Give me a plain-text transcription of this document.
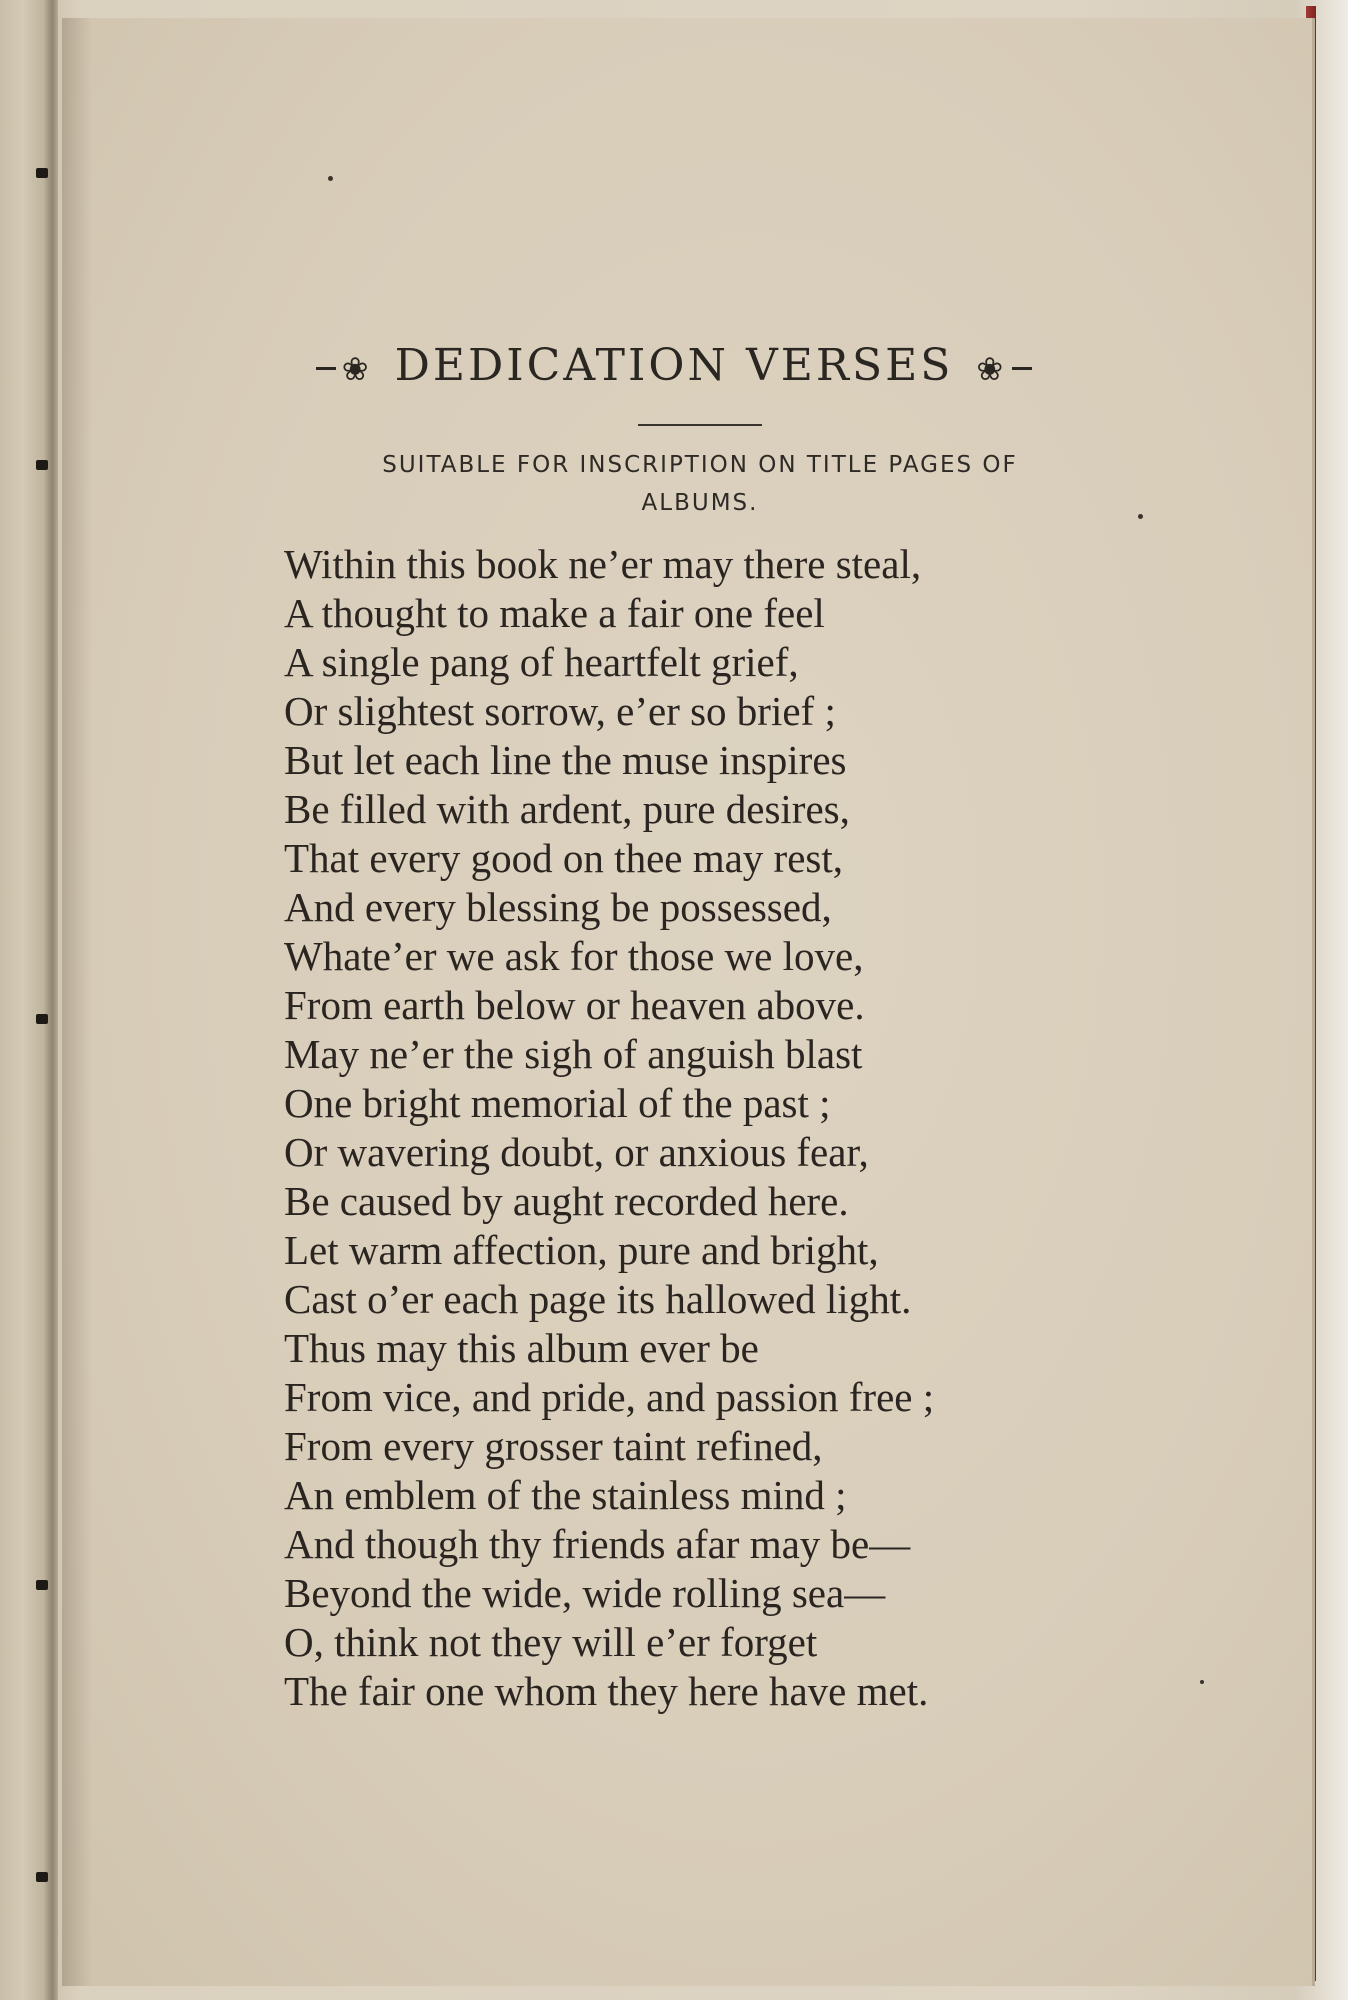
❀ DEDICATION VERSES ❀
SUITABLE FOR INSCRIPTION ON TITLE PAGES OF
ALBUMS.
Within this book ne’er may there steal,
A thought to make a fair one feel
A single pang of heartfelt grief,
Or slightest sorrow, e’er so brief ;
But let each line the muse inspires
Be filled with ardent, pure desires,
That every good on thee may rest,
And every blessing be possessed,
Whate’er we ask for those we love,
From earth below or heaven above.
May ne’er the sigh of anguish blast
One bright memorial of the past ;
Or wavering doubt, or anxious fear,
Be caused by aught recorded here.
Let warm affection, pure and bright,
Cast o’er each page its hallowed light.
Thus may this album ever be
From vice, and pride, and passion free ;
From every grosser taint refined,
An emblem of the stainless mind ;
And though thy friends afar may be—
Beyond the wide, wide rolling sea—
O, think not they will e’er forget
The fair one whom they here have met.
